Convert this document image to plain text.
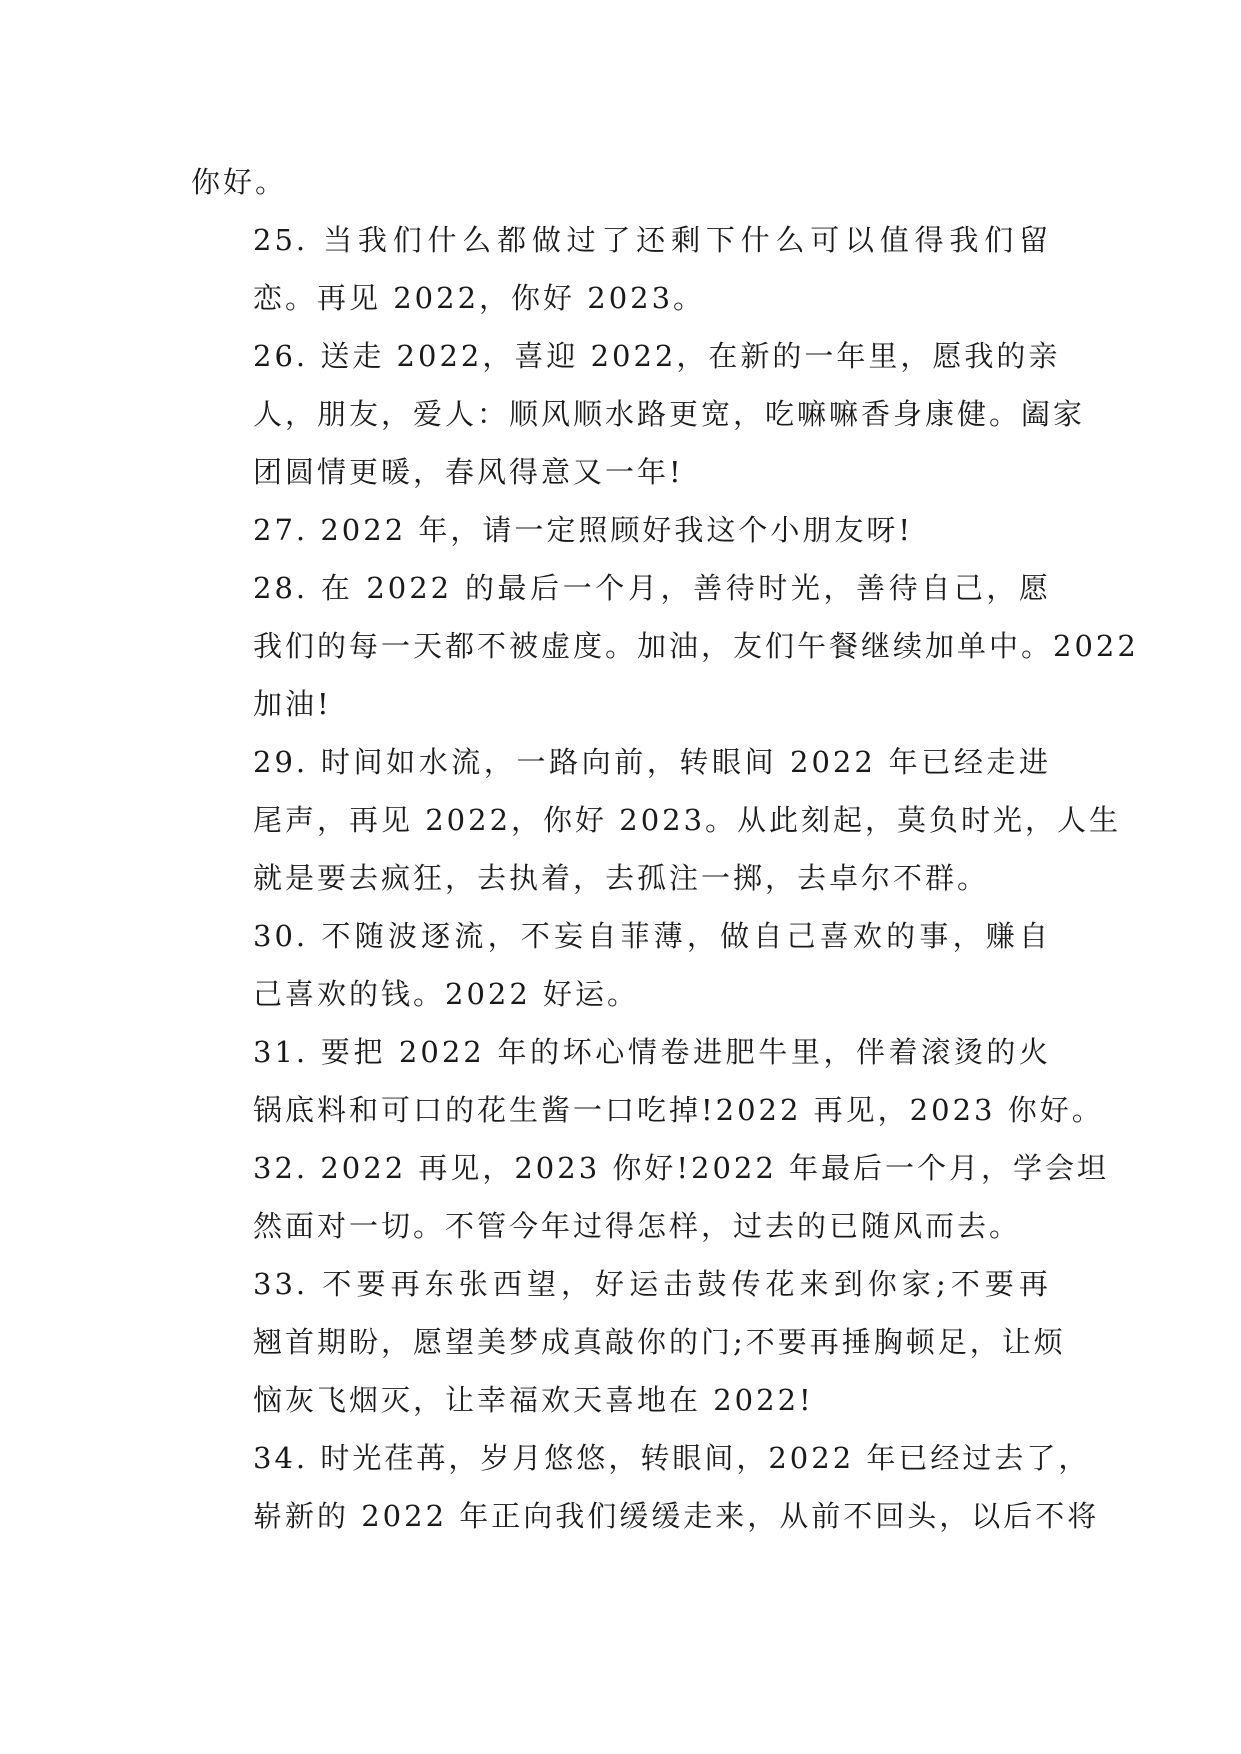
你好。

25. 当我们什么都做过了还剩下什么可以值得我们留
恋。再见 2022，你好 2023。

26. 送走 2022，喜迎 2022，在新的一年里，愿我的亲
人，朋友，爱人：顺风顺水路更宽，吃嘛嘛香身康健。阖家
团圆情更暖，春风得意又一年!

27. 2022 年，请一定照顾好我这个小朋友呀!

28. 在 2022 的最后一个月，善待时光，善待自己，愿
我们的每一天都不被虚度。加油，友们午餐继续加单中。2022
加油!

29. 时间如水流，一路向前，转眼间 2022 年已经走进
尾声，再见 2022，你好 2023。从此刻起，莫负时光，人生
就是要去疯狂，去执着，去孤注一掷，去卓尔不群。

30. 不随波逐流，不妄自菲薄，做自己喜欢的事，赚自
己喜欢的钱。2022 好运。

31. 要把 2022 年的坏心情卷进肥牛里，伴着滚烫的火
锅底料和可口的花生酱一口吃掉!2022 再见，2023 你好。

32. 2022 再见，2023 你好!2022 年最后一个月，学会坦
然面对一切。不管今年过得怎样，过去的已随风而去。

33. 不要再东张西望，好运击鼓传花来到你家;不要再
翘首期盼，愿望美梦成真敲你的门;不要再捶胸顿足，让烦
恼灰飞烟灭，让幸福欢天喜地在 2022!

34. 时光荏苒，岁月悠悠，转眼间，2022 年已经过去了，
崭新的 2022 年正向我们缓缓走来，从前不回头，以后不将
